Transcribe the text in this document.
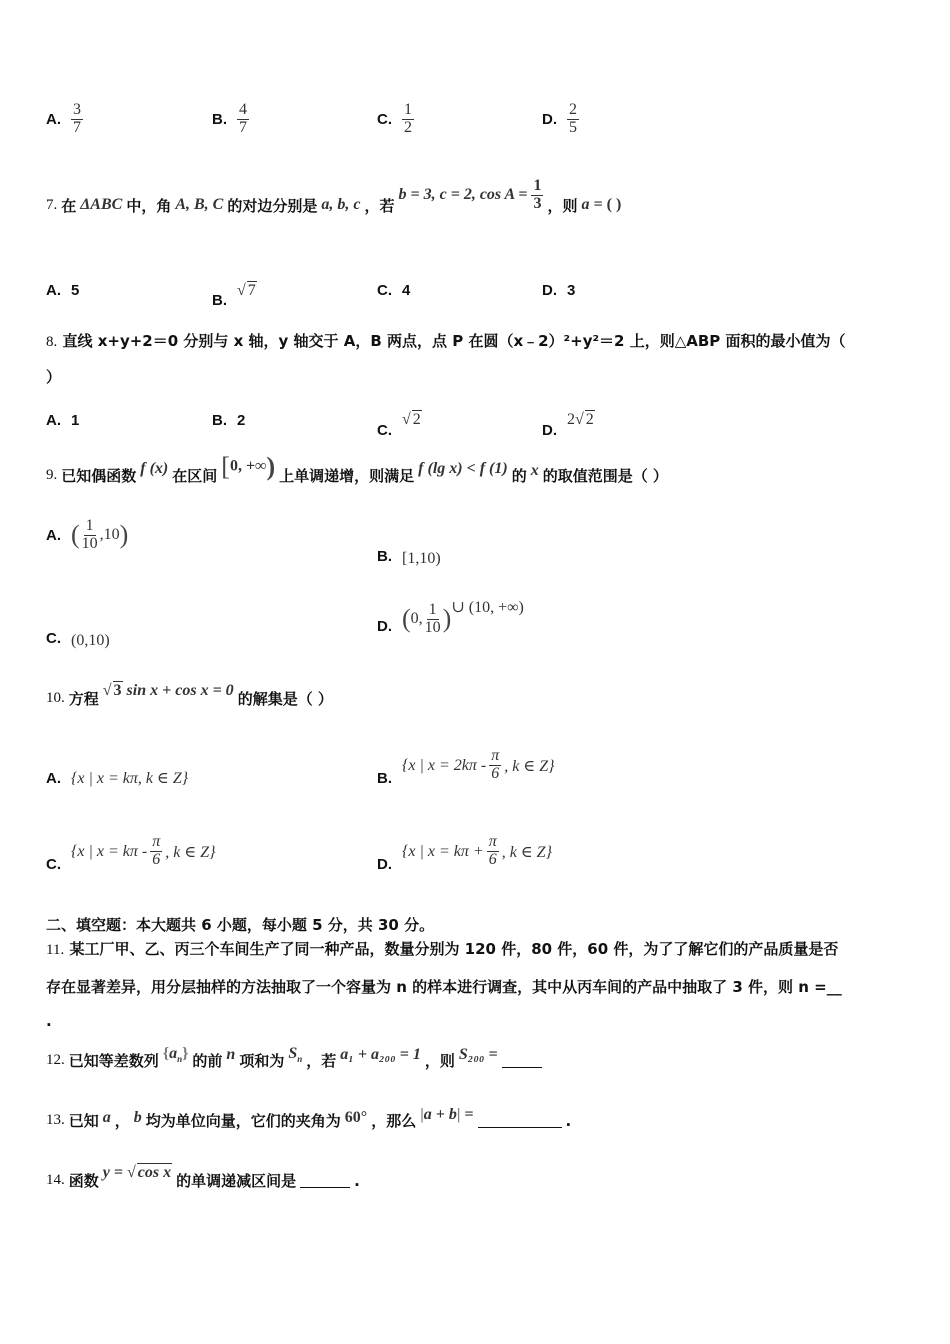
A. $\frac{3}{7}$	B. $\frac{4}{7}$	C. $\frac{1}{2}$	D. $\frac{2}{5}$
7. 在 ΔABC 中，角 A, B, C 的对边分别是 a, b, c ，若
b = 3, c = 2, $\cos A = \frac{1}{3}$ ，则 a = ( )
A. 5
B.
√ 7	C. 4	D. 3
8. 直线 x+y+2＝0 分别与 x 轴，y 轴交于 A，B 两点，点 P 在圆（x﹣2）²+y²＝2 上，则△ABP 面积的最小值为（
）
A. 1	B. 2
C.
√ 2
D.
2√ 2
9. 已知偶函数 f (x) 在区间 [0, +∞) 上单调递增，则满足 f (lg x) < f (1) 的 x 的取值范围是（ ）
A. ( $\frac{1}{10} ,10$ )
B. [1,10)
C. (0,10)
D. ( 0, $\frac{1}{10}$ ) ∪ (10, +∞)
10. 方程 √ 3 sin x + cos x = 0 的解集是（ ）
A. {x | x = kπ, k ∈ Z}	B.
{x | $x = 2k\pi - \frac{\pi}{6}$ , k ∈ Z}
C.
{x | $x = k\pi - \frac{\pi}{6}$ , k ∈ Z}
D.
{x | $x = k\pi + \frac{\pi}{6}$ , k ∈ Z}
二、填空题：本大题共 6 小题，每小题 5 分，共 30 分。
11. 某工厂甲、乙、丙三个车间生产了同一种产品，数量分别为 120 件，80 件，60 件，为了了解它们的产品质量是否
存在显著差异，用分层抽样的方法抽取了一个容量为 n 的样本进行调查，其中从丙车间的产品中抽取了 3 件，则 n =__
.
12. 已知等差数列 $\{a_n\}$ 的前 n 项和为 $S_n$ ，若 a₁ + a₂₀₀ = 1 ，则 S₂₀₀ =
13. 已知 a ， b 均为单位向量，它们的夹角为 60° ，那么 |a + b| =	.
14. 函数 y = √ cos x 的单调递减区间是	.
